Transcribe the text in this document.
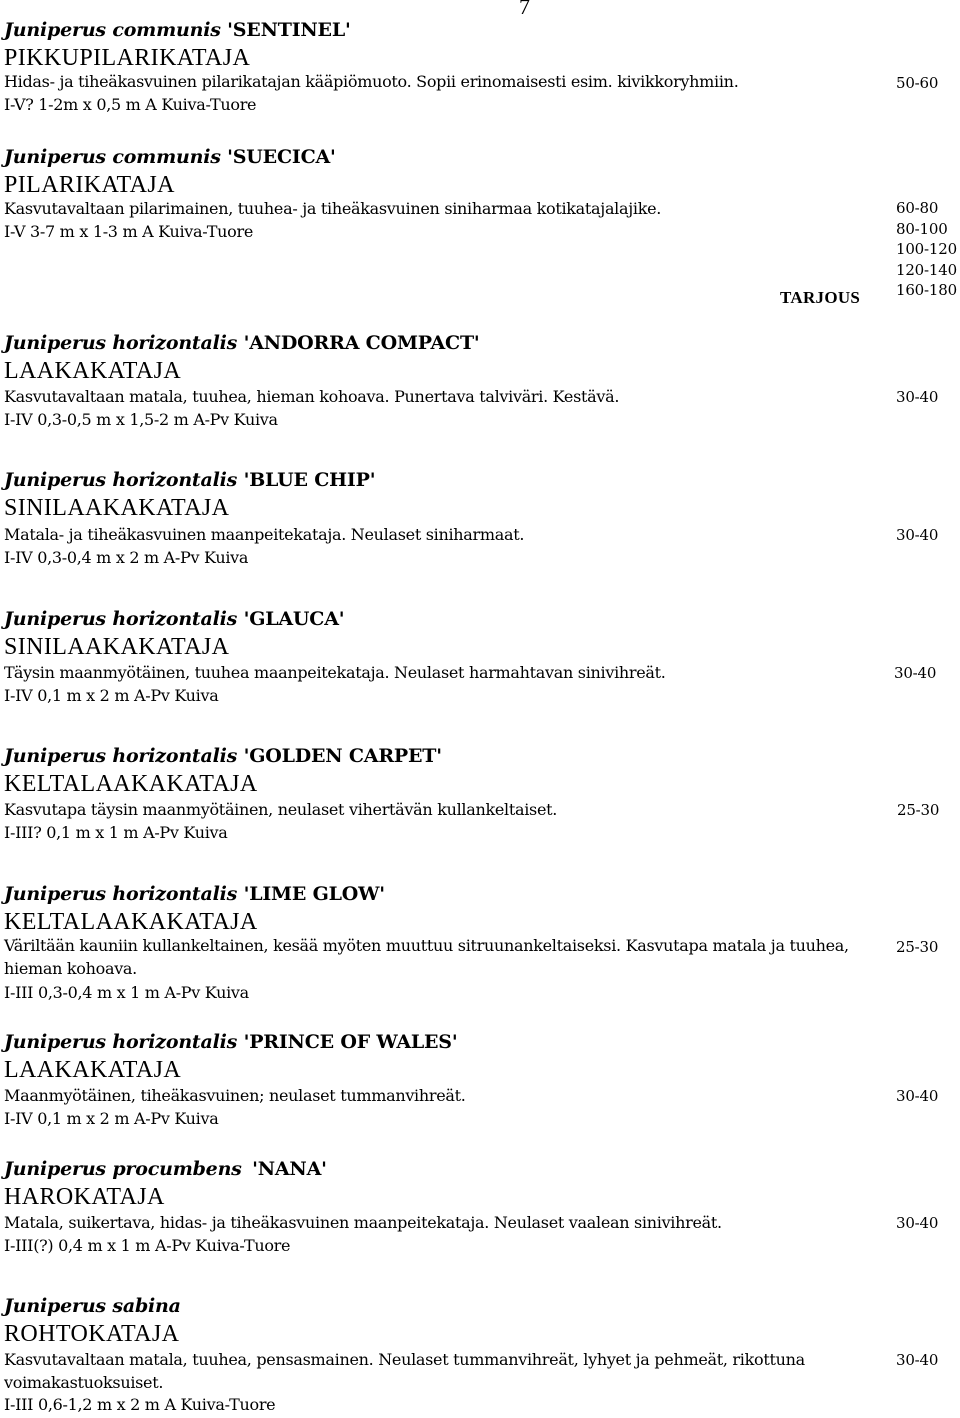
7
Juniperus communis 'SENTINEL'
PIKKUPILARIKATAJA
Hidas- ja tiheäkasvuinen pilarikatajan kääpiömuoto. Sopii erinomaisesti esim. kivikkoryhmiin.
I-V? 1-2m x 0,5 m A Kuiva-Tuore
50-60
Juniperus communis 'SUECICA'
PILARIKATAJA
Kasvutavaltaan pilarimainen, tuuhea- ja tiheäkasvuinen siniharmaa kotikatajalajike.
I-V 3-7 m x 1-3 m A Kuiva-Tuore
60-80
80-100
100-120
120-140
160-180
TARJOUS
Juniperus horizontalis 'ANDORRA COMPACT'
LAAKAKATAJA
Kasvutavaltaan matala, tuuhea, hieman kohoava. Punertava talviväri. Kestävä.
I-IV 0,3-0,5 m x 1,5-2 m A-Pv Kuiva
30-40
Juniperus horizontalis 'BLUE CHIP'
SINILAAKAKATAJA
Matala- ja tiheäkasvuinen maanpeitekataja. Neulaset siniharmaat.
I-IV 0,3-0,4 m x 2 m A-Pv Kuiva
30-40
Juniperus horizontalis 'GLAUCA'
SINILAAKAKATAJA
Täysin maanmyötäinen, tuuhea maanpeitekataja. Neulaset harmahtavan sinivihreät.
I-IV 0,1 m x 2 m A-Pv Kuiva
30-40
Juniperus horizontalis 'GOLDEN CARPET'
KELTALAAKAKATAJA
Kasvutapa täysin maanmyötäinen, neulaset vihertävän kullankeltaiset.
I-III? 0,1 m x 1 m A-Pv Kuiva
25-30
Juniperus horizontalis 'LIME GLOW'
KELTALAAKAKATAJA
Väriltään kauniin kullankeltainen, kesää myöten muuttuu sitruunankeltaiseksi. Kasvutapa matala ja tuuhea, hieman kohoava.
I-III 0,3-0,4 m x 1 m A-Pv Kuiva
25-30
Juniperus horizontalis 'PRINCE OF WALES'
LAAKAKATAJA
Maanmyötäinen, tiheäkasvuinen; neulaset tummanvihreät.
I-IV 0,1 m x 2 m A-Pv Kuiva
30-40
Juniperus procumbens 'NANA'
HAROKATAJA
Matala, suikertava, hidas- ja tiheäkasvuinen maanpeitekataja. Neulaset vaalean sinivihreät.
I-III(?) 0,4 m x 1 m A-Pv Kuiva-Tuore
30-40
Juniperus sabina
ROHTOKATAJA
Kasvutavaltaan matala, tuuhea, pensasmainen. Neulaset tummanvihreät, lyhyet ja pehmeät, rikottuna voimakastuoksuiset.
I-III 0,6-1,2 m x 2 m A Kuiva-Tuore
30-40
